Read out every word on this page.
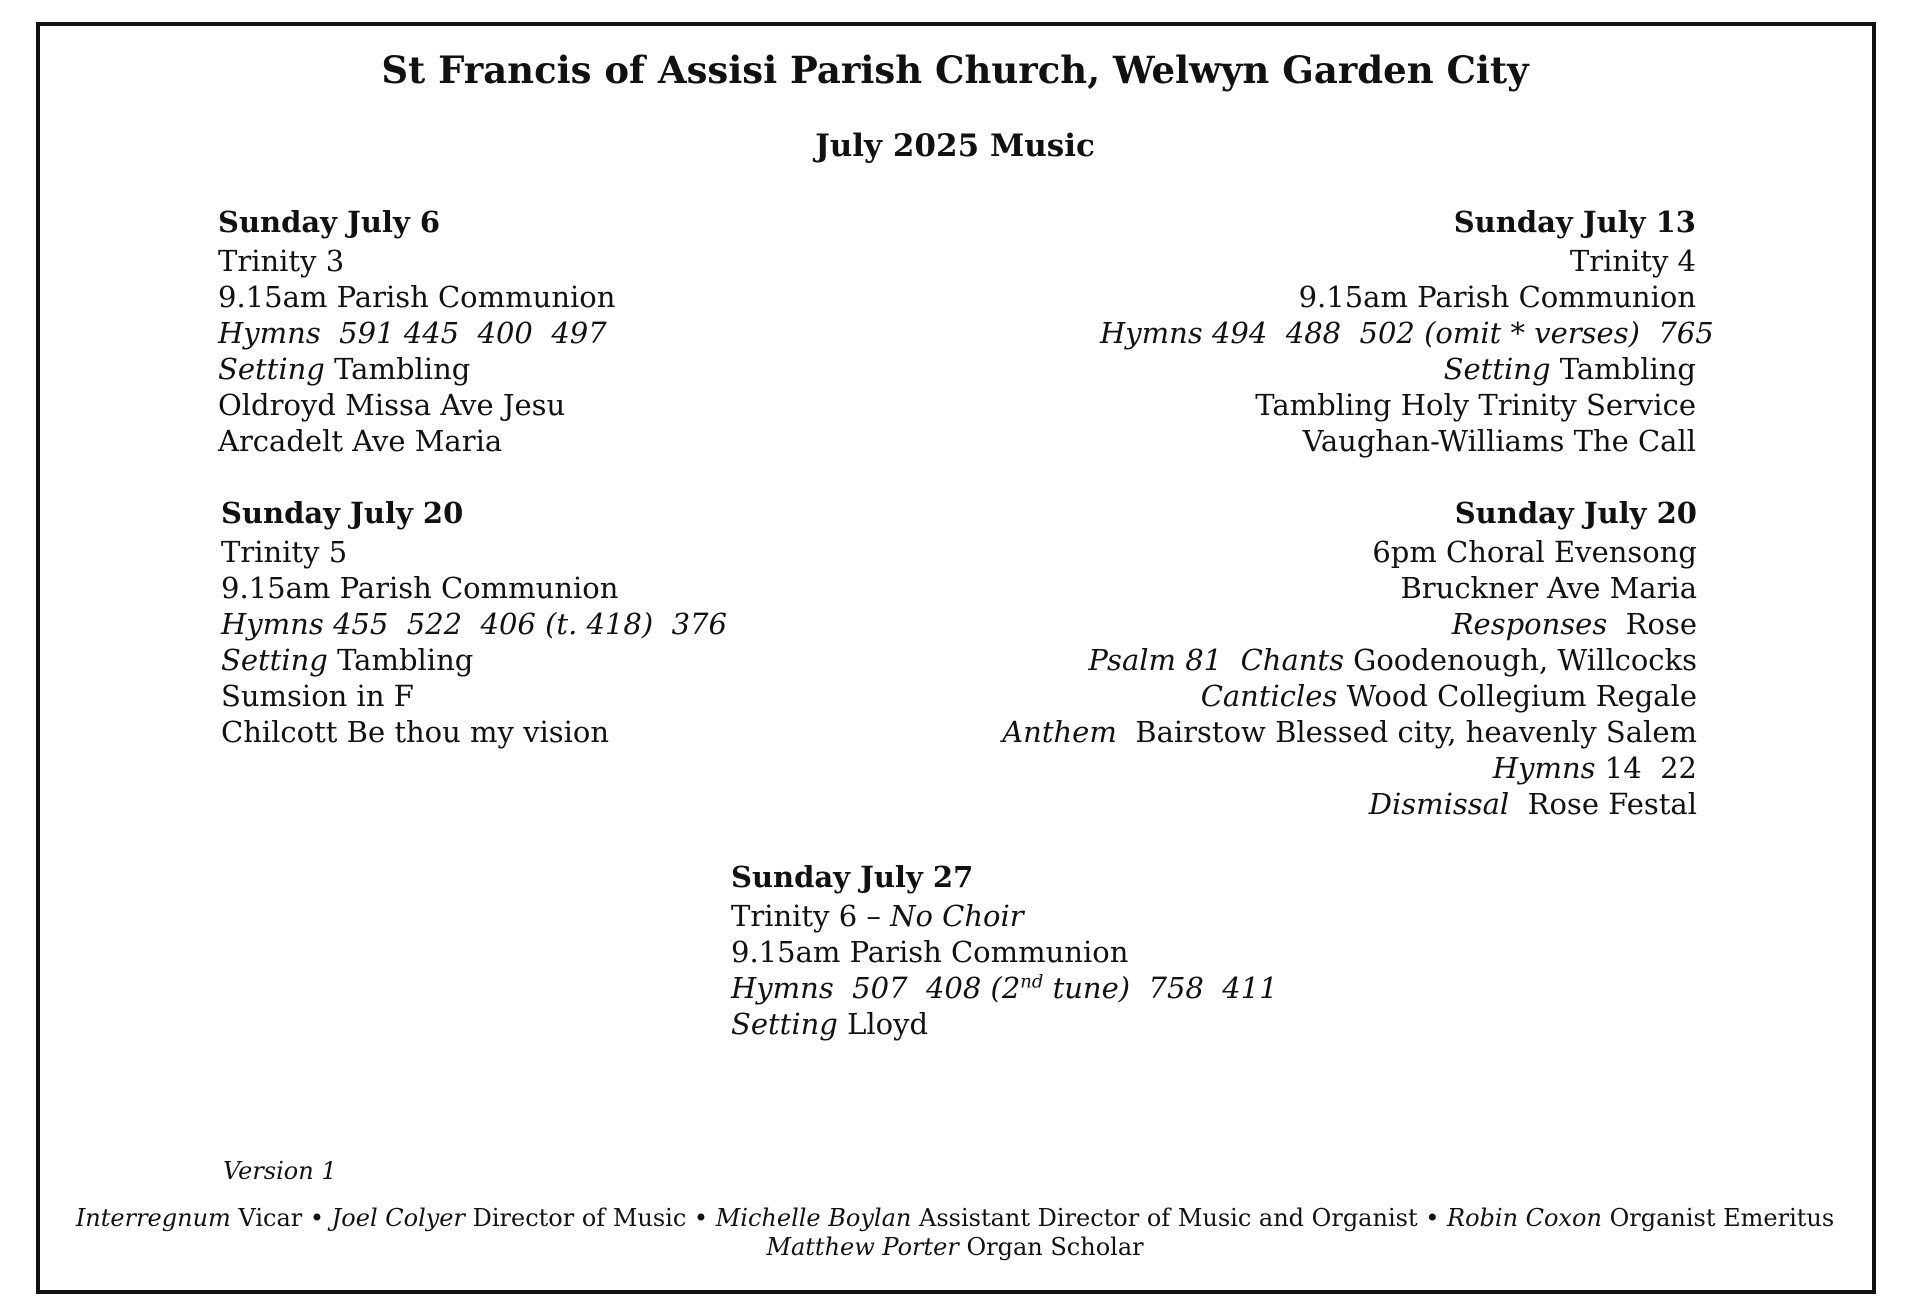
St Francis of Assisi Parish Church, Welwyn Garden City
July 2025 Music
Sunday July 6
Trinity 3
9.15am Parish Communion
Hymns 591 445  400  497
Setting Tambling
Oldroyd Missa Ave Jesu
Arcadelt Ave Maria
Sunday July 13
Trinity 4
9.15am Parish Communion
Hymns 494  488  502 (omit * verses)  765
Setting Tambling
Tambling Holy Trinity Service
Vaughan-Williams The Call
Sunday July 20
Trinity 5
9.15am Parish Communion
Hymns 455  522  406 (t. 418)  376
Setting Tambling
Sumsion in F
Chilcott Be thou my vision
Sunday July 20
6pm Choral Evensong
Bruckner Ave Maria
Responses Rose
Psalm 81 Chants Goodenough, Willcocks
Canticles Wood Collegium Regale
Anthem Bairstow Blessed city, heavenly Salem
Hymns 14  22
Dismissal Rose Festal
Sunday July 27
Trinity 6 – No Choir
9.15am Parish Communion
Hymns 507  408 (2nd tune)  758  411
Setting Lloyd
Version 1
Interregnum Vicar • Joel Colyer Director of Music • Michelle Boylan Assistant Director of Music and Organist • Robin Coxon Organist Emeritus
Matthew Porter Organ Scholar
